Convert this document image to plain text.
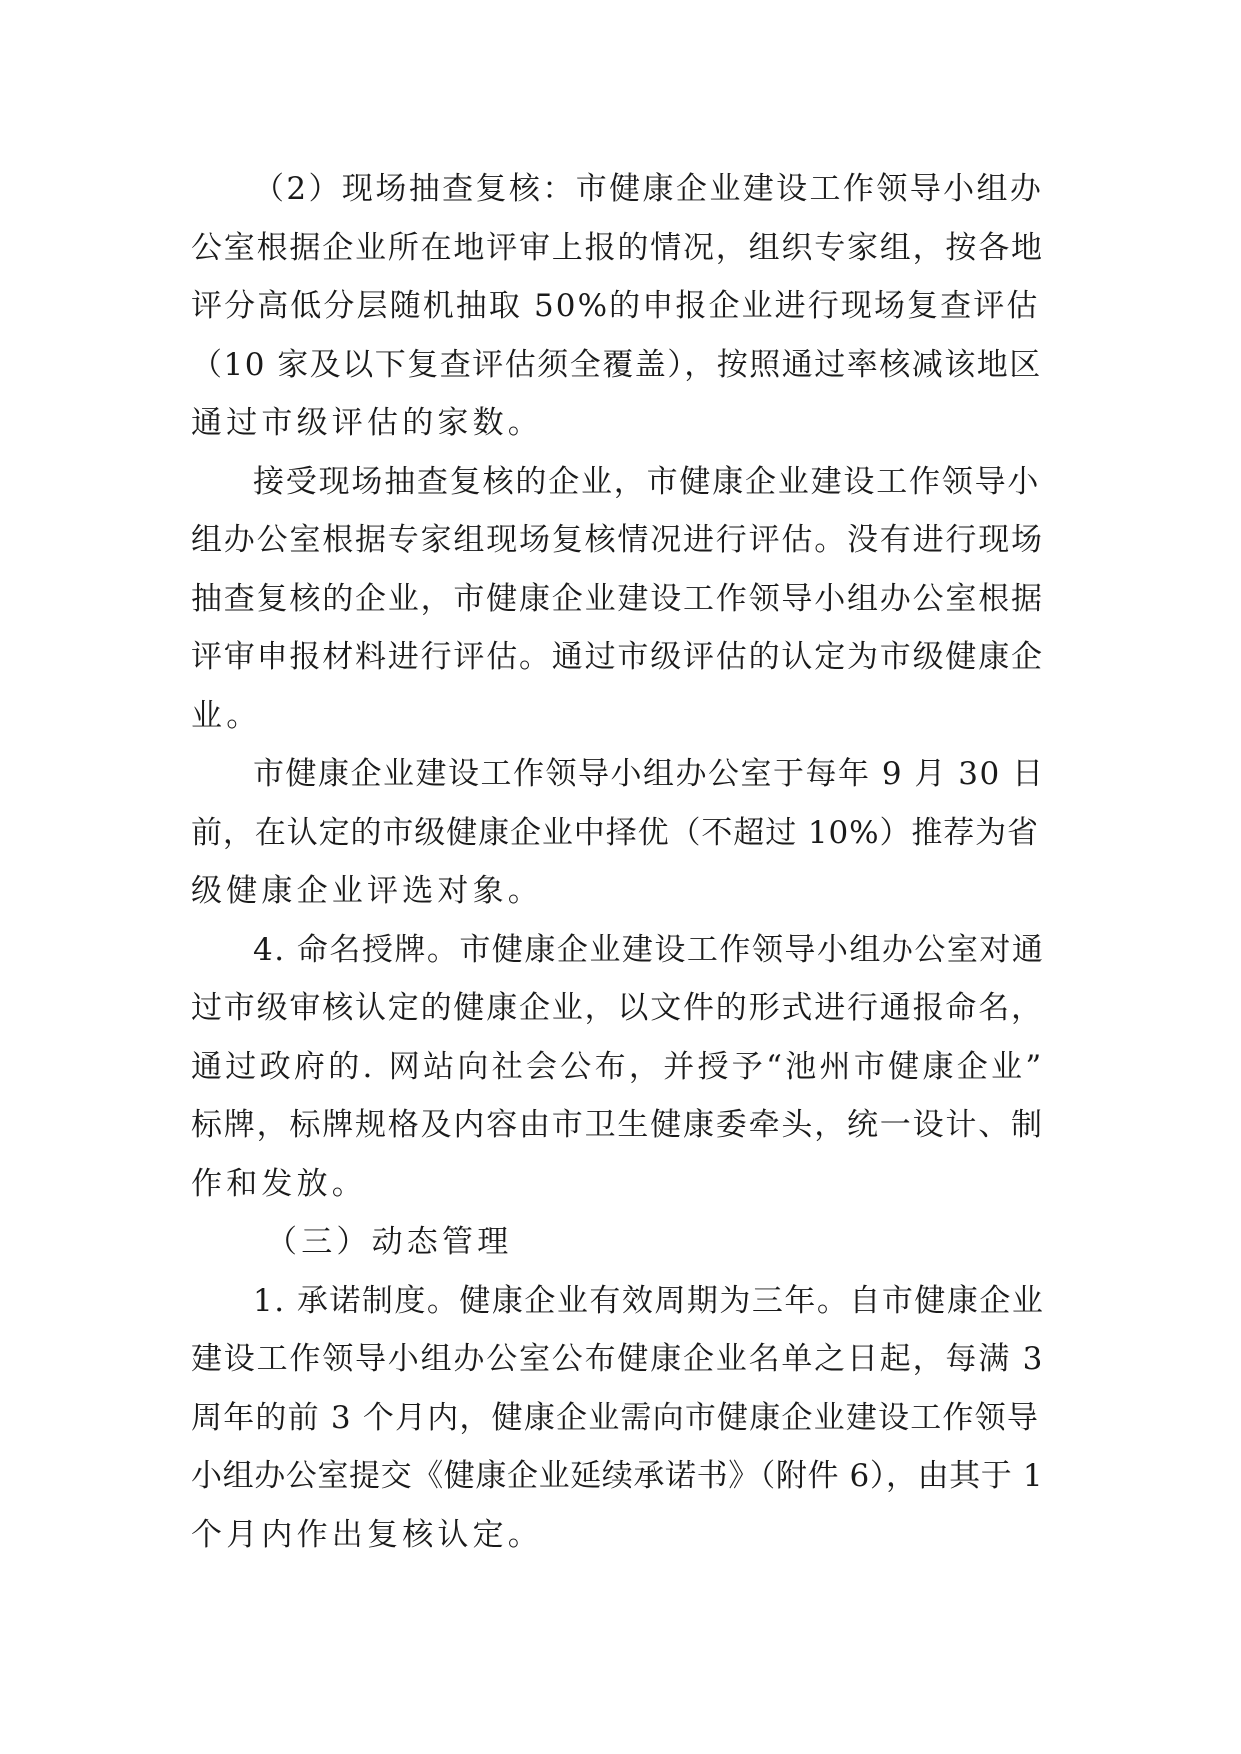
（2）现场抽查复核：市健康企业建设工作领导小组办
公室根据企业所在地评审上报的情况，组织专家组，按各地
评分高低分层随机抽取 50%的申报企业进行现场复查评估
（10 家及以下复查评估须全覆盖），按照通过率核减该地区
通过市级评估的家数。

接受现场抽查复核的企业，市健康企业建设工作领导小
组办公室根据专家组现场复核情况进行评估。没有进行现场
抽查复核的企业，市健康企业建设工作领导小组办公室根据
评审申报材料进行评估。通过市级评估的认定为市级健康企
业。

市健康企业建设工作领导小组办公室于每年 9 月 30 日
前，在认定的市级健康企业中择优（不超过 10%）推荐为省
级健康企业评选对象。

4. 命名授牌。市健康企业建设工作领导小组办公室对通
过市级审核认定的健康企业，以文件的形式进行通报命名，
通过政府的. 网站向社会公布，并授予“池州市健康企业”
标牌，标牌规格及内容由市卫生健康委牵头，统一设计、制
作和发放。

（三）动态管理

1. 承诺制度。健康企业有效周期为三年。自市健康企业
建设工作领导小组办公室公布健康企业名单之日起，每满 3
周年的前 3 个月内，健康企业需向市健康企业建设工作领导
小组办公室提交《健康企业延续承诺书》（附件 6），由其于 1
个月内作出复核认定。
